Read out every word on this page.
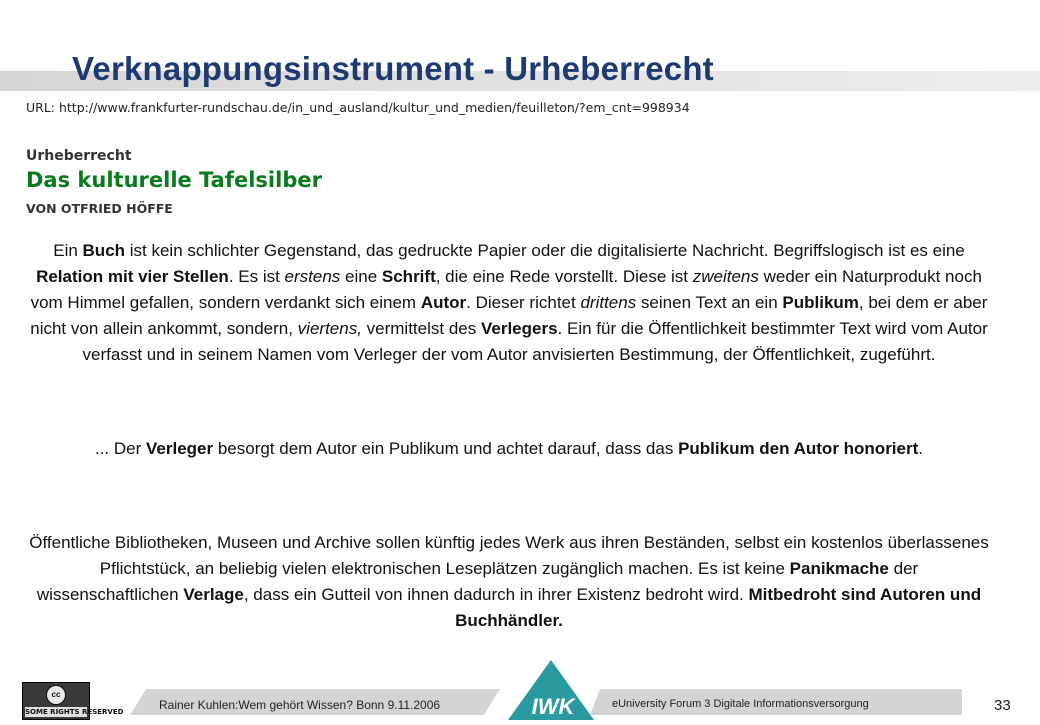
Verknappungsinstrument - Urheberrecht
URL: http://www.frankfurter-rundschau.de/in_und_ausland/kultur_und_medien/feuilleton/?em_cnt=998934
Urheberrecht
Das kulturelle Tafelsilber
VON OTFRIED HÖFFE

Ein Buch ist kein schlichter Gegenstand, das gedruckte Papier oder die digitalisierte Nachricht. Begriffslogisch ist es eine Relation mit vier Stellen. Es ist erstens eine Schrift, die eine Rede vorstellt. Diese ist zweitens weder ein Naturprodukt noch vom Himmel gefallen, sondern verdankt sich einem Autor. Dieser richtet drittens seinen Text an ein Publikum, bei dem er aber nicht von allein ankommt, sondern, viertens, vermittelst des Verlegers. Ein für die Öffentlichkeit bestimmter Text wird vom Autor verfasst und in seinem Namen vom Verleger der vom Autor anvisierten Bestimmung, der Öffentlichkeit, zugeführt.

... Der Verleger besorgt dem Autor ein Publikum und achtet darauf, dass das Publikum den Autor honoriert.

Öffentliche Bibliotheken, Museen und Archive sollen künftig jedes Werk aus ihren Beständen, selbst ein kostenlos überlassenes Pflichtstück, an beliebig vielen elektronischen Leseplätzen zugänglich machen. Es ist keine Panikmache der wissenschaftlichen Verlage, dass ein Gutteil von ihnen dadurch in ihrer Existenz bedroht wird. Mitbedroht sind Autoren und Buchhändler.

cc
SOME RIGHTS RESERVED	IWK
Rainer Kuhlen:Wem gehört Wissen? Bonn 9.11.2006	eUniversity Forum 3 Digitale Informationsversorgung	33
